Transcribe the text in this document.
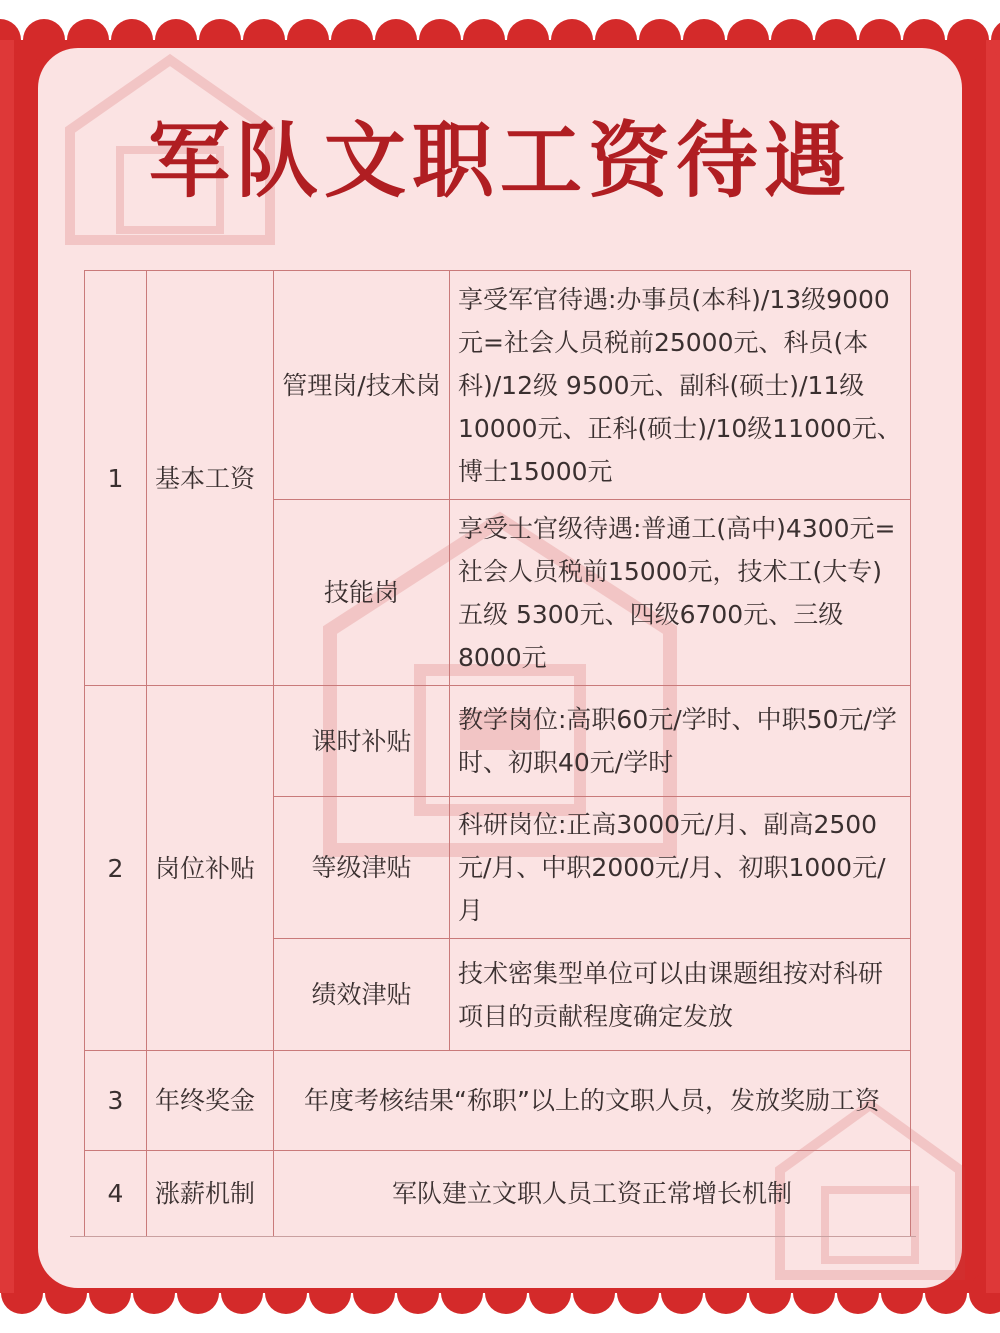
军队文职工资待遇
1	基本工资	管理岗/技术岗	享受军官待遇:办事员(本科)/13级9000元=社会人员税前25000元、科员(本科)/12级 9500元、副科(硕士)/11级10000元、正科(硕士)/10级11000元、博士15000元
		技能岗	享受士官级待遇:普通工(高中)4300元=社会人员税前15000元，技术工(大专)五级 5300元、四级6700元、三级8000元
2	岗位补贴	课时补贴	教学岗位:高职60元/学时、中职50元/学时、初职40元/学时
		等级津贴	科研岗位:正高3000元/月、副高2500元/月、中职2000元/月、初职1000元/月
		绩效津贴	技术密集型单位可以由课题组按对科研项目的贡献程度确定发放
3	年终奖金	年度考核结果“称职”以上的文职人员，发放奖励工资	
4	涨薪机制	军队建立文职人员工资正常增长机制	
